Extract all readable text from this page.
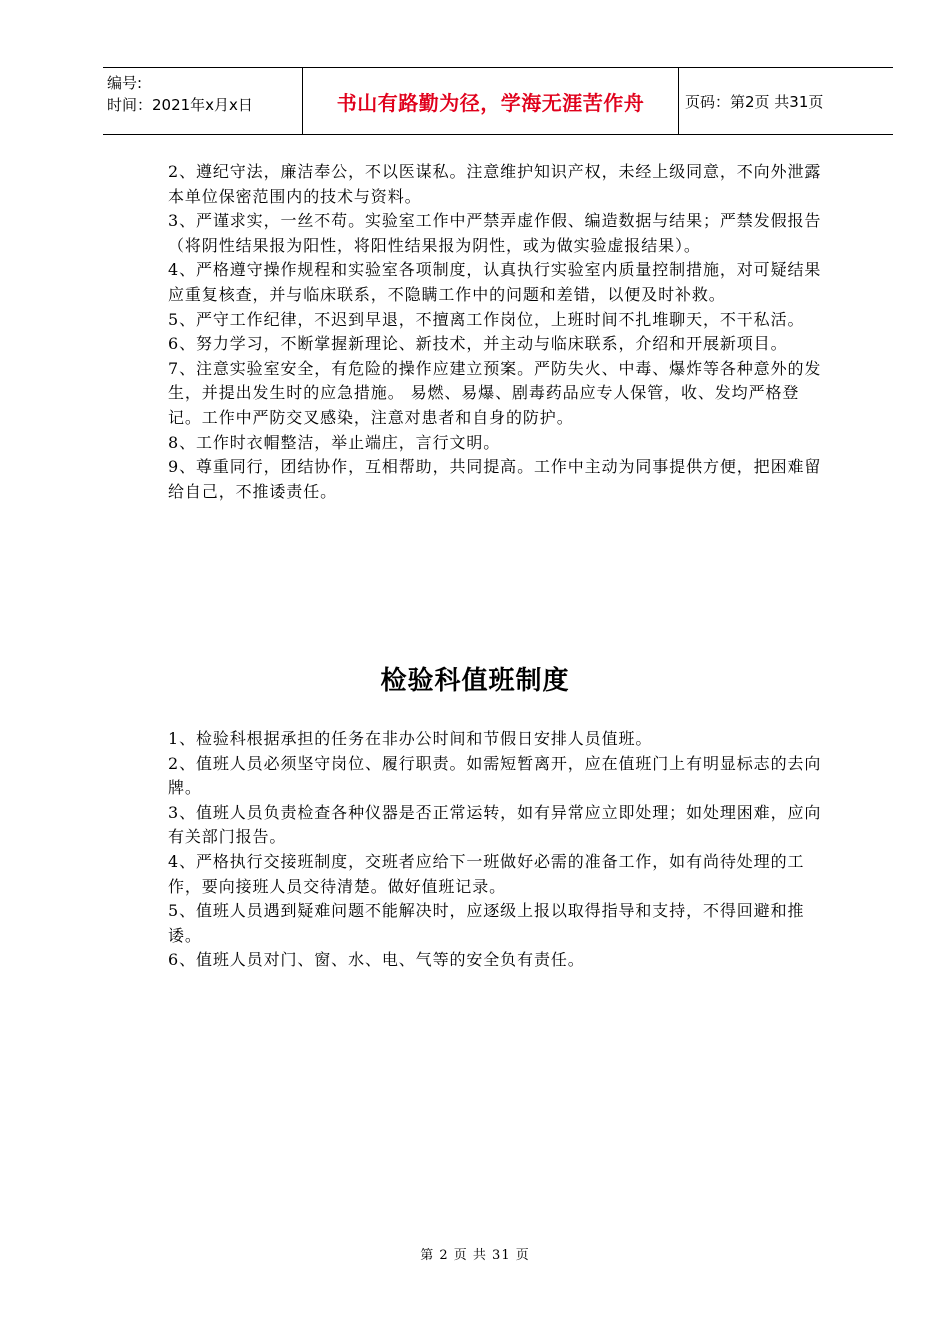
编号:
时间：2021年x月x日	书山有路勤为径，学海无涯苦作舟	页码：第2页 共31页

2、遵纪守法，廉洁奉公，不以医谋私。注意维护知识产权，未经上级同意，不向外泄露本单位保密范围内的技术与资料。

3、严谨求实，一丝不苟。实验室工作中严禁弄虚作假、编造数据与结果；严禁发假报告（将阴性结果报为阳性，将阳性结果报为阴性，或为做实验虚报结果）。

4、严格遵守操作规程和实验室各项制度，认真执行实验室内质量控制措施，对可疑结果应重复核查，并与临床联系，不隐瞒工作中的问题和差错，以便及时补救。

5、严守工作纪律，不迟到早退，不擅离工作岗位，上班时间不扎堆聊天，不干私活。

6、努力学习，不断掌握新理论、新技术，并主动与临床联系，介绍和开展新项目。

7、注意实验室安全，有危险的操作应建立预案。严防失火、中毒、爆炸等各种意外的发生，并提出发生时的应急措施。 易燃、易爆、剧毒药品应专人保管，收、发均严格登记。工作中严防交叉感染，注意对患者和自身的防护。

8、工作时衣帽整洁，举止端庄，言行文明。

9、尊重同行，团结协作，互相帮助，共同提高。工作中主动为同事提供方便，把困难留给自己，不推诿责任。

检验科值班制度

1、检验科根据承担的任务在非办公时间和节假日安排人员值班。

2、值班人员必须坚守岗位、履行职责。如需短暂离开，应在值班门上有明显标志的去向牌。

3、值班人员负责检查各种仪器是否正常运转，如有异常应立即处理；如处理困难，应向有关部门报告。

4、严格执行交接班制度，交班者应给下一班做好必需的准备工作，如有尚待处理的工作，要向接班人员交待清楚。做好值班记录。

5、值班人员遇到疑难问题不能解决时，应逐级上报以取得指导和支持，不得回避和推诿。

6、值班人员对门、窗、水、电、气等的安全负有责任。

第 2 页 共 31 页
